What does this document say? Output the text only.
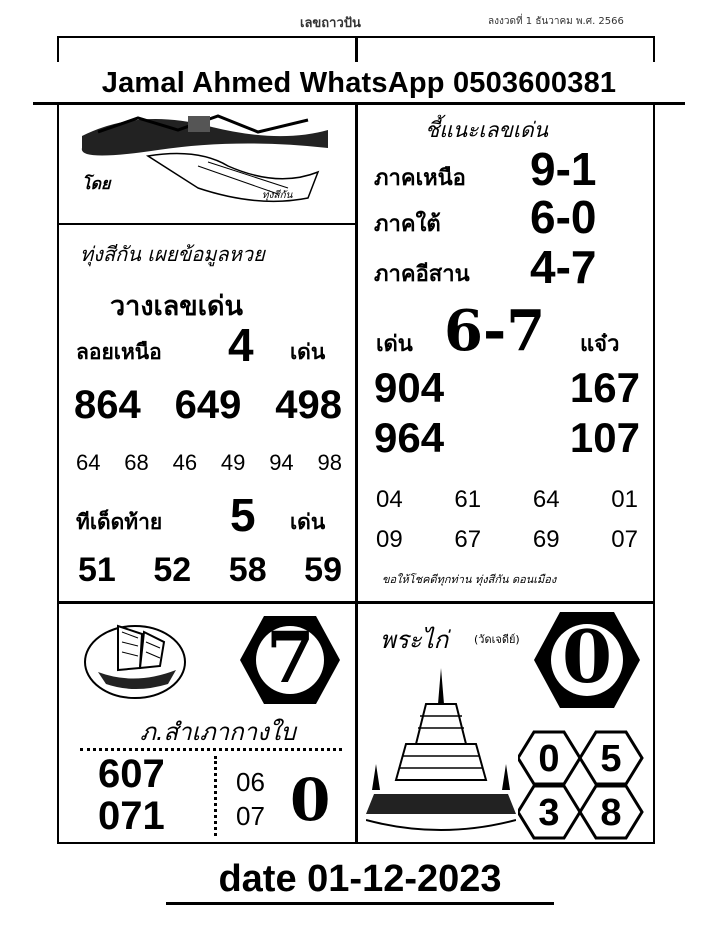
เลขถาวปัน	ลงงวดที่ 1 ธันวาคม พ.ศ. 2566
Jamal Ahmed WhatsApp 0503600381
โดย
ทุ่งสีกัน
ทุ่งสีกัน เผยข้อมูลหวย
วางเลขเด่น
ลอยเหนือ 4 เด่น
864 649 498
64 68 46 49 94 98
ทีเด็ดท้าย 5 เด่น
51 52 58 59
ชี้แนะเลขเด่น
ภาคเหนือ 9-1
ภาคใต้ 6-0
ภาคอีสาน 4-7
เด่น 6-7 แจ๋ว
904	167
964	107
04 61 64 01
09 67 69 07
ขอให้โชคดีทุกท่าน ทุ่งสีกัน ดอนเมือง
7
ภ.สำเภากางใบ
607
071
06
07 0
พระไก่ (วัดเจดีย์) 0
0 5
3 8
date 01-12-2023
